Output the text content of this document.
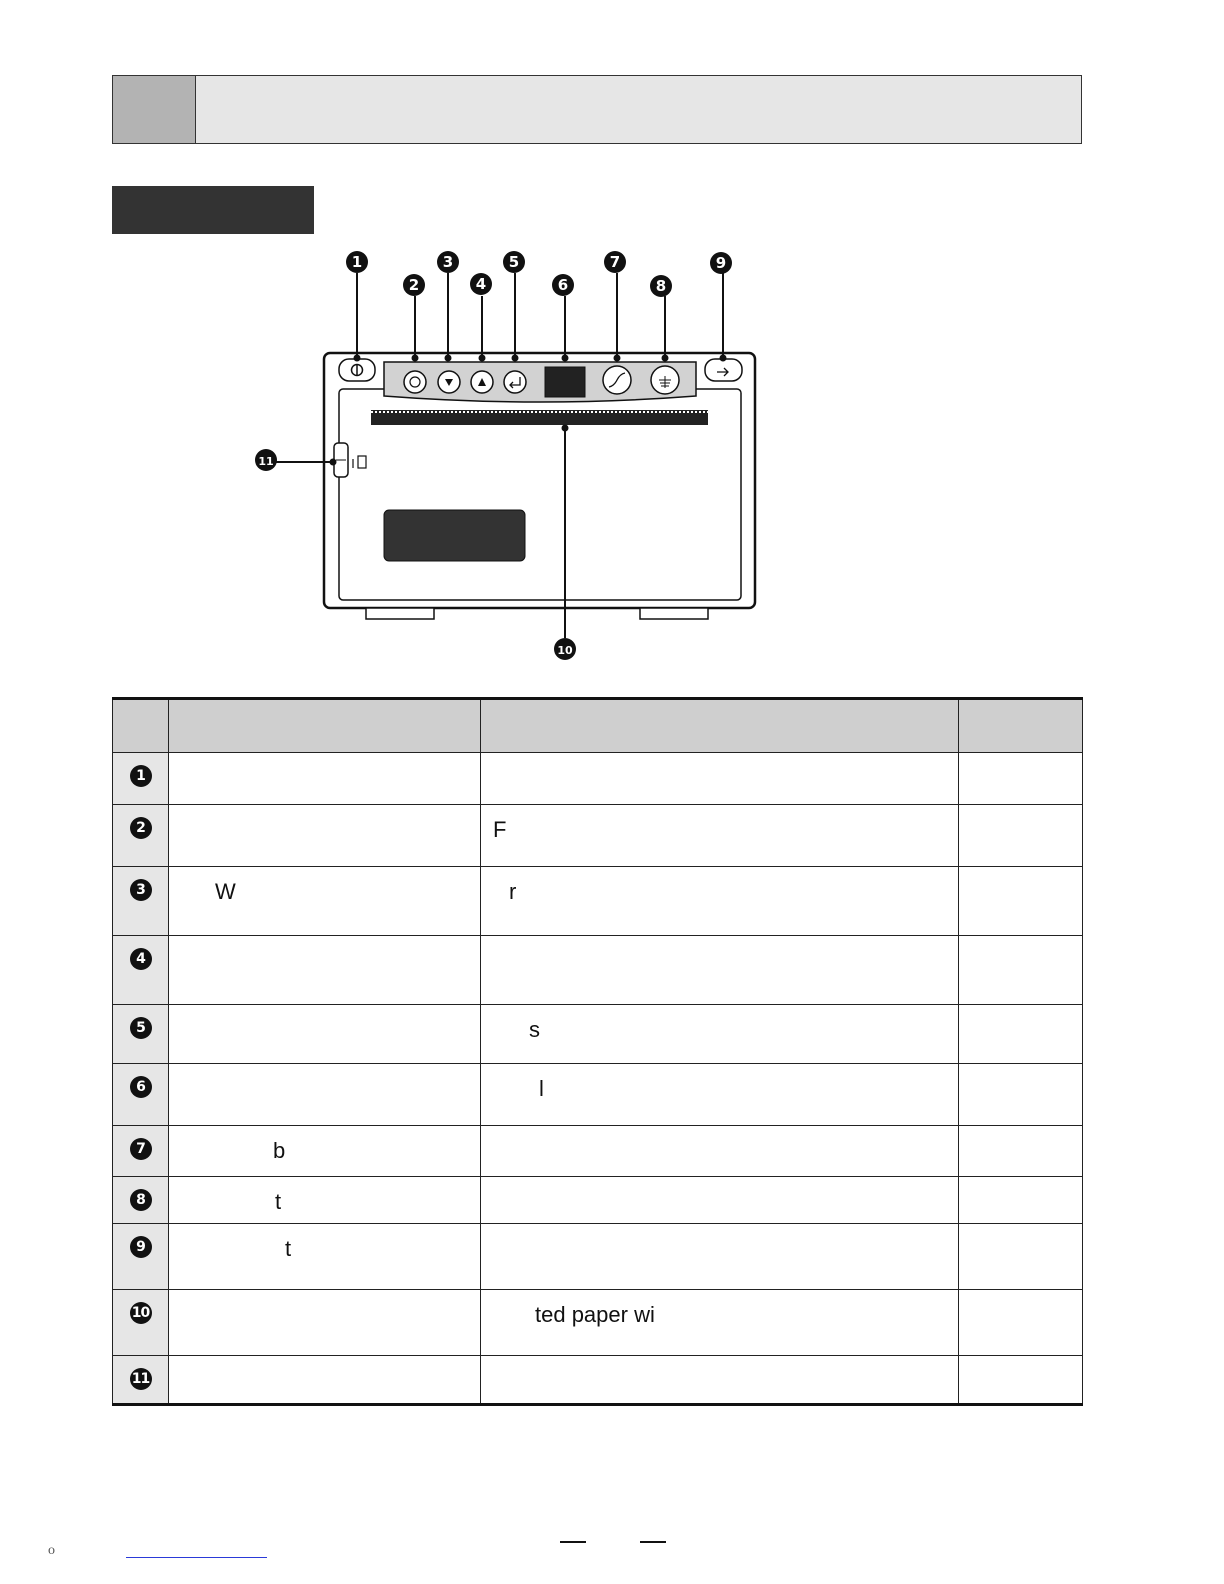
1
2
3
4
5
6
7
8
9
10
11

1	

2		F	

3	W	r	

4	

5		s	

6		l	

7	b		

8	t		

9	t		

10		ted paper wi	

11	

o
